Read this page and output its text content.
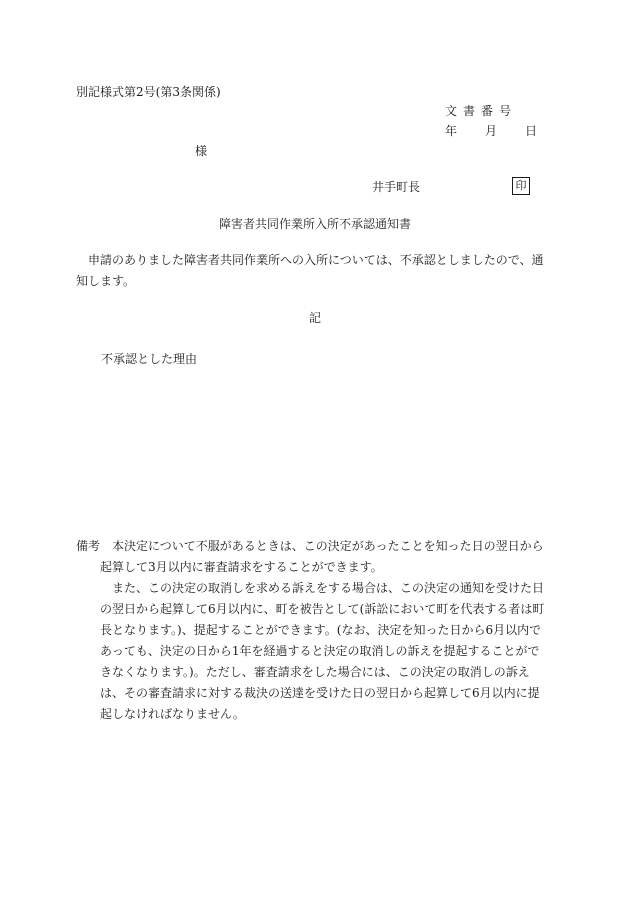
別記様式第2号(第3条関係)
文書番号
年 月 日
様
井手町長	印
障害者共同作業所入所不承認通知書
申請のありました障害者共同作業所への入所については、不承認としましたので、通知します。
記
不承認とした理由
備考 本決定について不服があるときは、この決定があったことを知った日の翌日から起算して3月以内に審査請求をすることができます。

また、この決定の取消しを求める訴えをする場合は、この決定の通知を受けた日の翌日から起算して6月以内に、町を被告として(訴訟において町を代表する者は町長となります。)、提起することができます。(なお、決定を知った日から6月以内であっても、決定の日から1年を経過すると決定の取消しの訴えを提起することができなくなります。)。ただし、審査請求をした場合には、この決定の取消しの訴えは、その審査請求に対する裁決の送達を受けた日の翌日から起算して6月以内に提起しなければなりません。
